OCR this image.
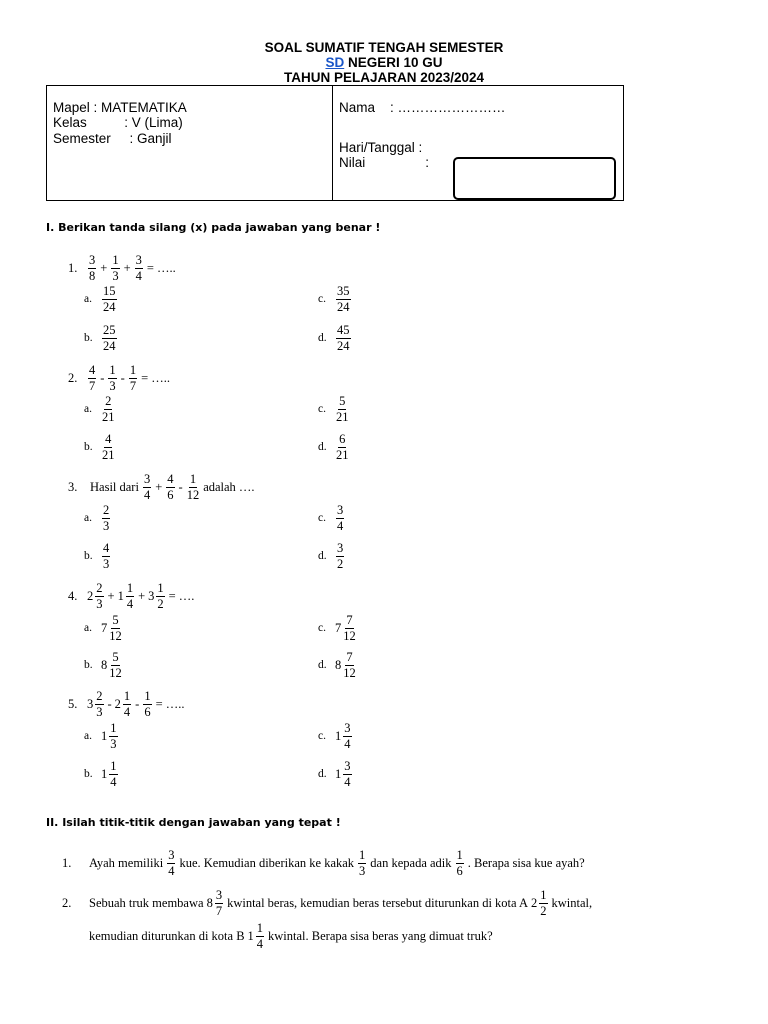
SOAL SUMATIF TENGAH SEMESTER
SD NEGERI 10 GU
TAHUN PELAJARAN 2023/2024
Mapel : MATEMATIKA
Kelas          : V (Lima)
Semester     : Ganjil
Nama    : ……………………
Hari/Tanggal :
Nilai                :
I. Berikan tanda silang (x) pada jawaban yang benar !
II. Isilah titik-titik dengan jawaban yang tepat !
1. $\frac{3}{8} + \frac{1}{3} + \frac{3}{4}$ = …..
a. $\frac{15}{24}$	c. $\frac{35}{24}$
b. $\frac{25}{24}$	d. $\frac{45}{24}$
2. $\frac{4}{7} - \frac{1}{3} - \frac{1}{7}$ = …..
a. $\frac{2}{21}$	c. $\frac{5}{21}$
b. $\frac{4}{21}$	d. $\frac{6}{21}$
3.	Hasil dari $\frac{3}{4} + \frac{4}{6} - \frac{1}{12}$ adalah ….
a. $\frac{2}{3}$	c. $\frac{3}{4}$
b. $\frac{4}{3}$	d. $\frac{3}{2}$
4. $2 \frac{2}{3} + 1 \frac{1}{4} + 3 \frac{1}{2}$ = ….
a. $7 \frac{5}{12}$	c. $7 \frac{7}{12}$
b. $8 \frac{5}{12}$	d. $8 \frac{7}{12}$
5. $3 \frac{2}{3} - 2 \frac{1}{4} - \frac{1}{6}$ = …..
a. $1 \frac{1}{3}$	c. $1 \frac{3}{4}$
b. $1 \frac{1}{4}$	d. $1 \frac{3}{4}$
1.	Ayah memiliki $\frac{3}{4}$ kue. Kemudian diberikan ke kakak $\frac{1}{3}$ dan kepada adik $\frac{1}{6}$ . Berapa sisa kue ayah?
2.	Sebuah truk membawa $8 \frac{3}{7}$ kwintal beras, kemudian beras tersebut diturunkan di kota A $2 \frac{1}{2}$ kwintal,
kemudian diturunkan di kota B $1 \frac{1}{4}$ kwintal. Berapa sisa beras yang dimuat truk?
